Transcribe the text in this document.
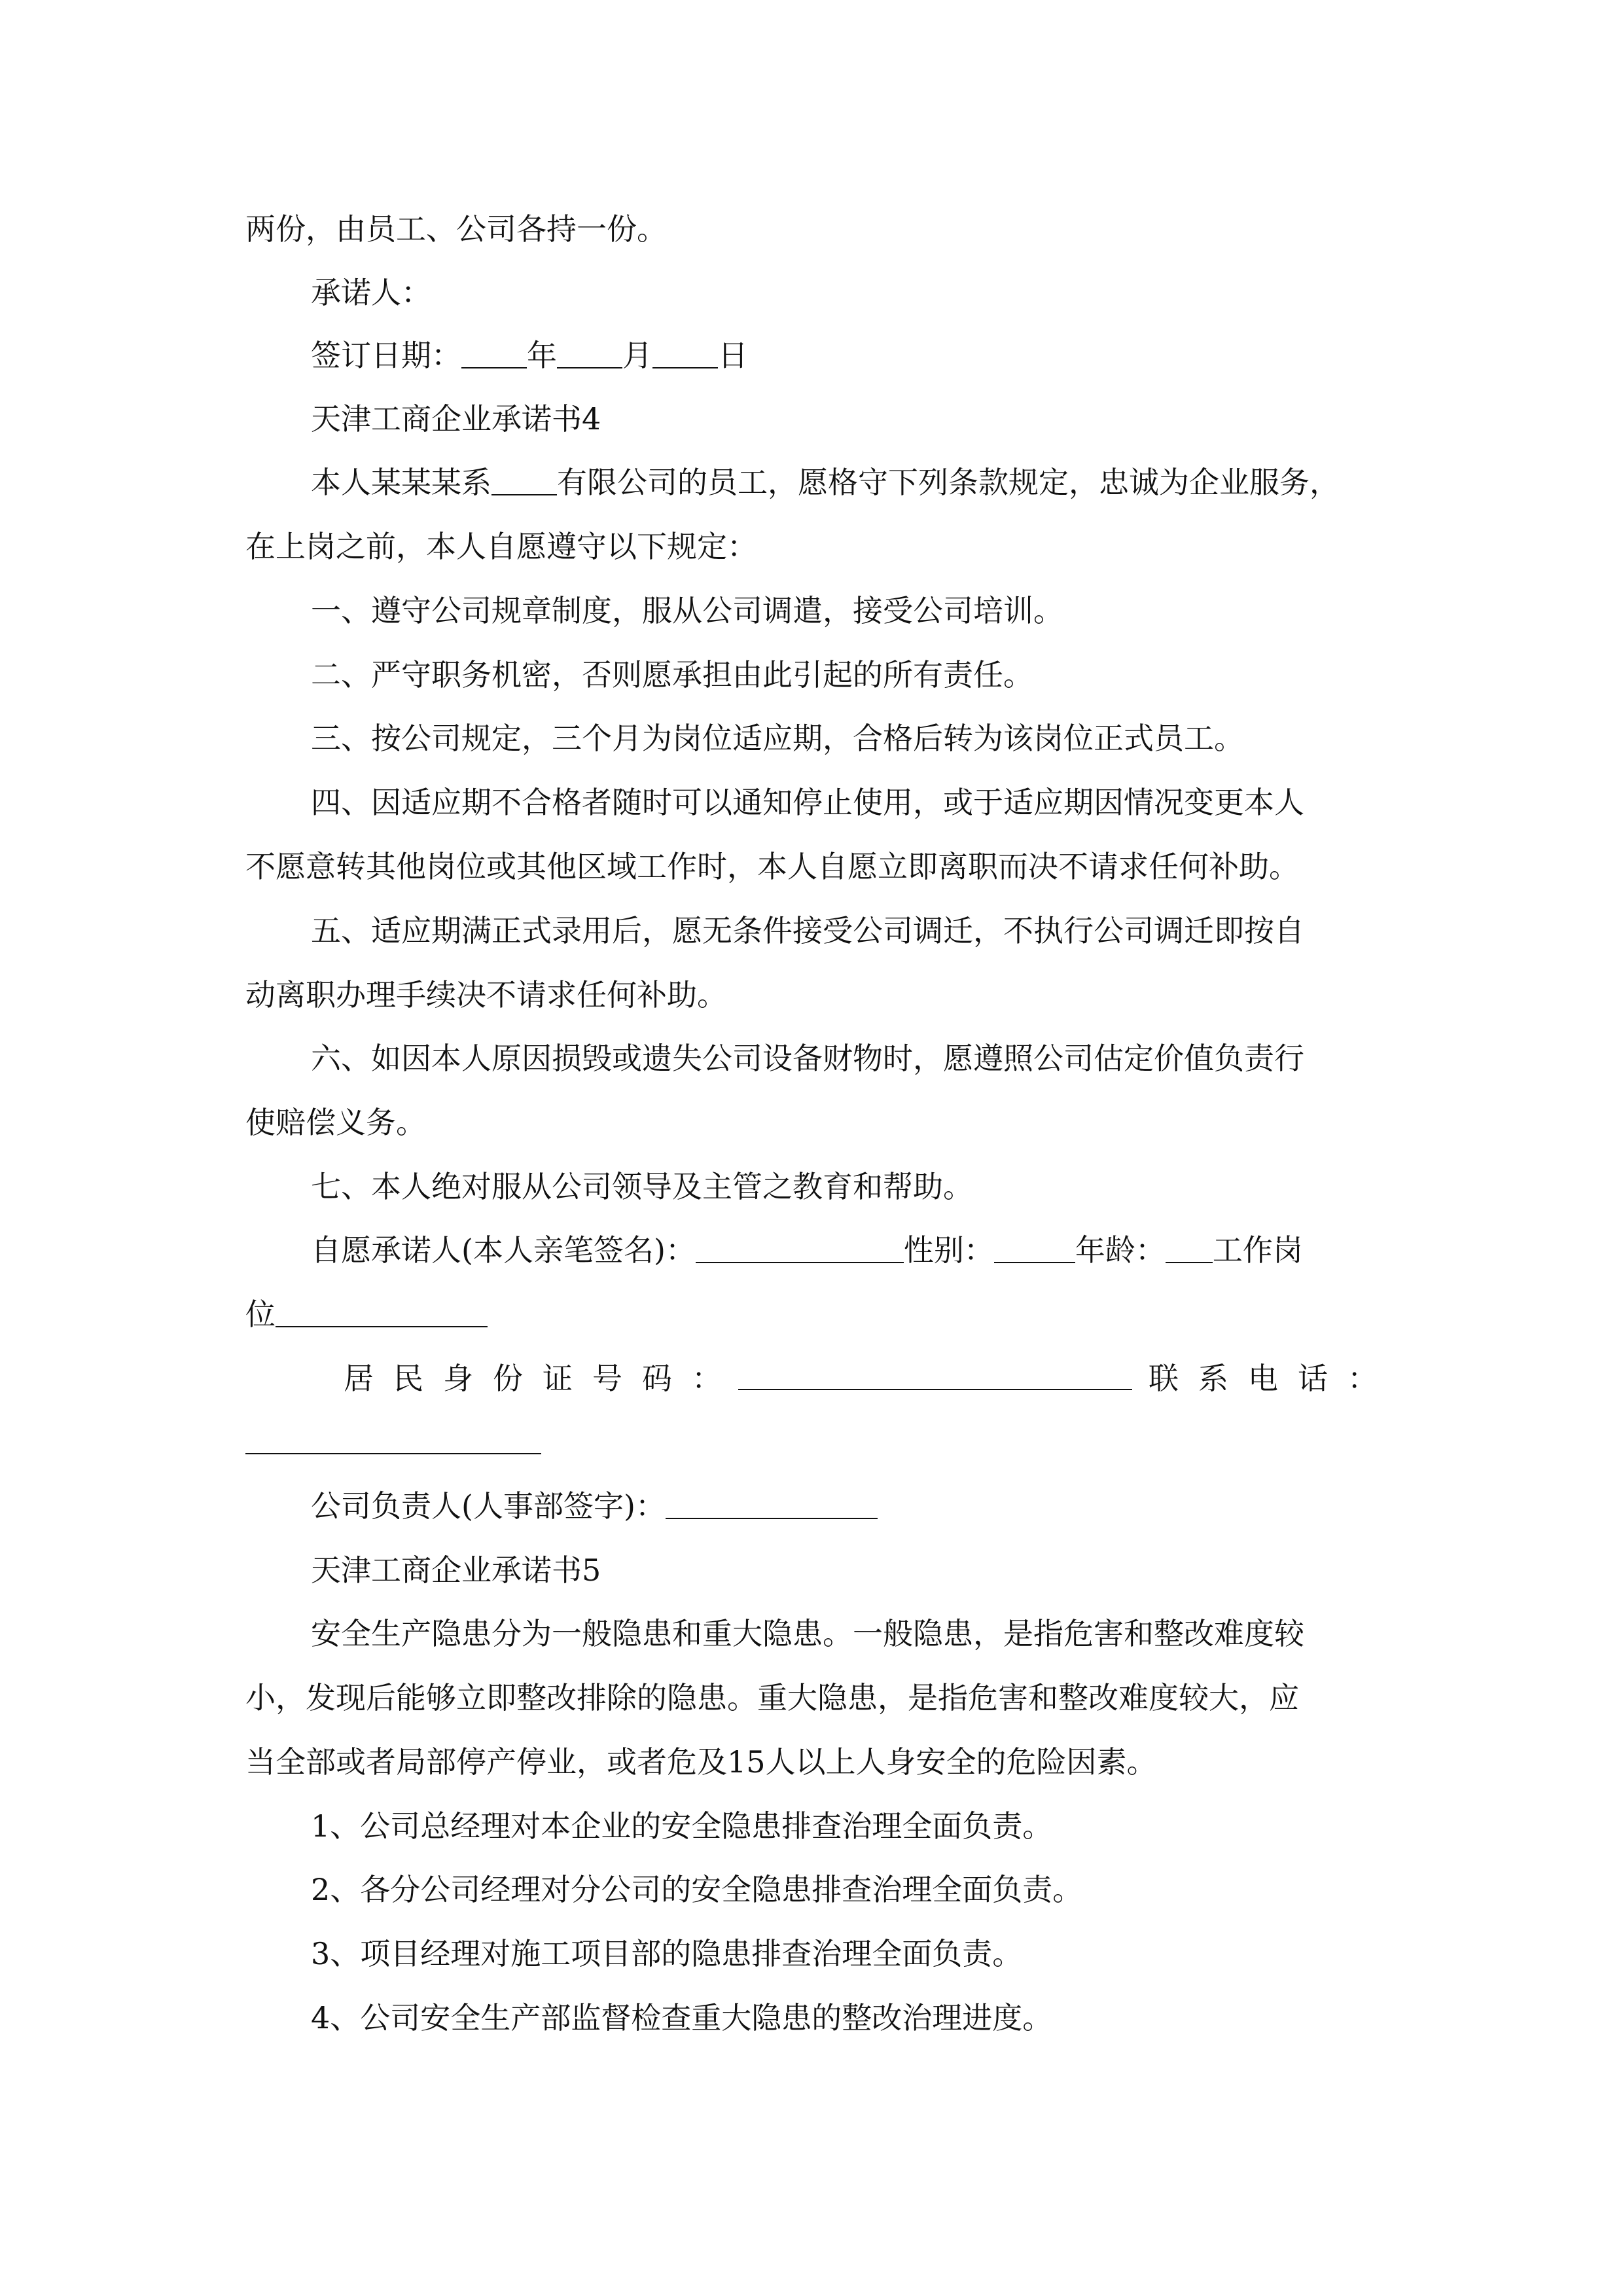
两份，由员工、公司各持一份。
承诺人：
签订日期： 年 月 日
天津工商企业承诺书4
本人某某某系 有限公司的员工，愿格守下列条款规定，忠诚为企业服务，
在上岗之前，本人自愿遵守以下规定：
一、遵守公司规章制度，服从公司调遣，接受公司培训。
二、严守职务机密，否则愿承担由此引起的所有责任。
三、按公司规定，三个月为岗位适应期，合格后转为该岗位正式员工。
四、因适应期不合格者随时可以通知停止使用，或于适应期因情况变更本人
不愿意转其他岗位或其他区域工作时，本人自愿立即离职而决不请求任何补助。
五、适应期满正式录用后，愿无条件接受公司调迁，不执行公司调迁即按自
动离职办理手续决不请求任何补助。
六、如因本人原因损毁或遗失公司设备财物时，愿遵照公司估定价值负责行
使赔偿义务。
七、本人绝对服从公司领导及主管之教育和帮助。
自愿承诺人(本人亲笔签名)：	性别：	年龄： 工作岗
位
居民身份证号码：	联系电话：
公司负责人(人事部签字)：
天津工商企业承诺书5
安全生产隐患分为一般隐患和重大隐患。一般隐患，是指危害和整改难度较
小，发现后能够立即整改排除的隐患。重大隐患，是指危害和整改难度较大，应
当全部或者局部停产停业，或者危及15人以上人身安全的危险因素。
1、公司总经理对本企业的安全隐患排查治理全面负责。
2、各分公司经理对分公司的安全隐患排查治理全面负责。
3、项目经理对施工项目部的隐患排查治理全面负责。
4、公司安全生产部监督检查重大隐患的整改治理进度。
